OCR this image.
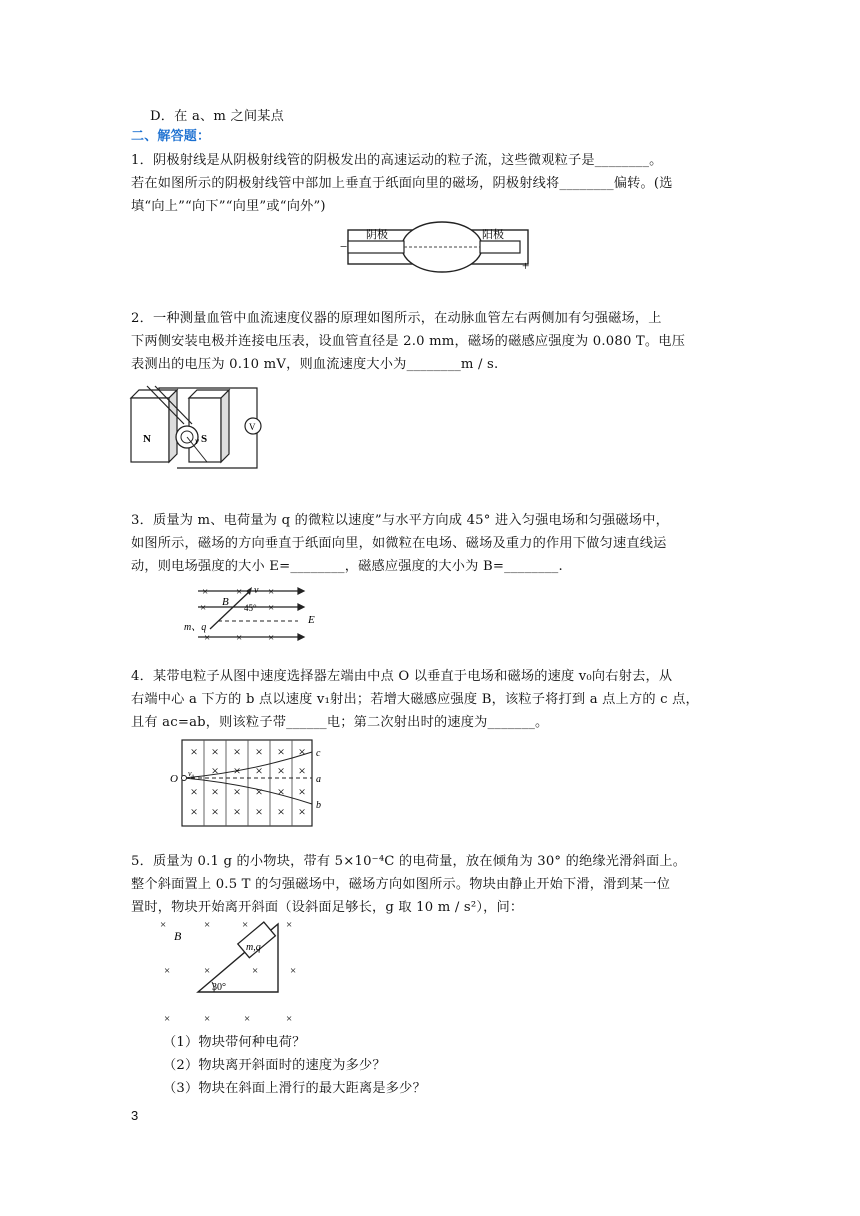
D．在 a、m 之间某点
二、解答题：
1．阴极射线是从阴极射线管的阴极发出的高速运动的粒子流，这些微观粒子是________。
若在如图所示的阴极射线管中部加上垂直于纸面向里的磁场，阴极射线将________偏转。(选
填“向上”“向下”“向里”或“向外”)
阴极	阳极
−
+
2．一种测量血管中血流速度仪器的原理如图所示，在动脉血管左右两侧加有匀强磁场，上
下两侧安装电极并连接电压表，设血管直径是 2.0 mm，磁场的磁感应强度为 0.080 T。电压
表测出的电压为 0.10 mV，则血流速度大小为________m / s.
N	S
v
V
3．质量为 m、电荷量为 q 的微粒以速度”与水平方向成 45° 进入匀强电场和匀强磁场中，
如图所示，磁场的方向垂直于纸面向里，如微粒在电场、磁场及重力的作用下做匀速直线运
动，则电场强度的大小 E=________，磁感应强度的大小为 B=________.
×	× ×
×	×
× × ×
B
v
45°
m、q
E
4．某带电粒子从图中速度选择器左端由中点 O 以垂直于电场和磁场的速度 v₀向右射去，从
右端中心 a 下方的 b 点以速度 v₁射出；若增大磁感应强度 B，该粒子将打到 a 点上方的 c 点，
且有 ac=ab，则该粒子带______电；第二次射出时的速度为_______。
× × × × × ×
× × × × ×
× × × × × ×
× × × × × ×
O v₀
c
a
b
5．质量为 0.1 g 的小物块，带有 5×10⁻⁴C 的电荷量，放在倾角为 30° 的绝缘光滑斜面上。
整个斜面置上 0.5 T 的匀强磁场中，磁场方向如图所示。物块由静止开始下滑，滑到某一位
置时，物块开始离开斜面（设斜面足够长，g 取 10 m / s²），问：
m,q
30°
B
×	×	×	×
×	×	×	×
×	×	×	×
（1）物块带何种电荷？
（2）物块离开斜面时的速度为多少？
（3）物块在斜面上滑行的最大距离是多少？
3
